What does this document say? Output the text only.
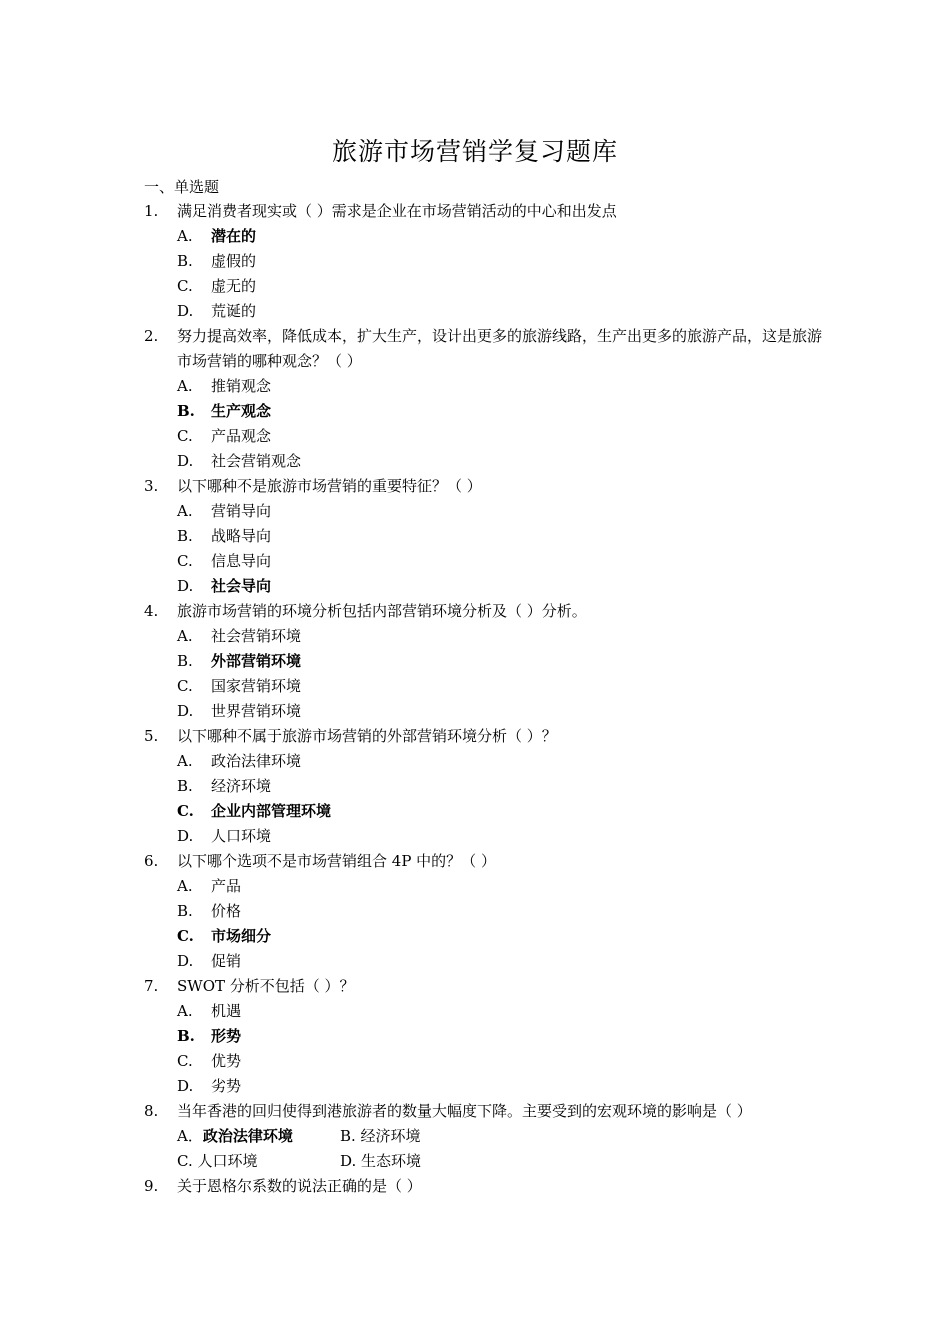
旅游市场营销学复习题库
一、单选题
1. 满足消费者现实或（ ）需求是企业在市场营销活动的中心和出发点
A. 潜在的
B. 虚假的
C. 虚无的
D. 荒诞的
2. 努力提高效率，降低成本，扩大生产，设计出更多的旅游线路，生产出更多的旅游产品，这是旅游市场营销的哪种观念？（ ）
A. 推销观念
B. 生产观念
C. 产品观念
D. 社会营销观念
3. 以下哪种不是旅游市场营销的重要特征？（ ）
A. 营销导向
B. 战略导向
C. 信息导向
D. 社会导向
4. 旅游市场营销的环境分析包括内部营销环境分析及（ ）分析。
A. 社会营销环境
B. 外部营销环境
C. 国家营销环境
D. 世界营销环境
5. 以下哪种不属于旅游市场营销的外部营销环境分析（ ）？
A. 政治法律环境
B. 经济环境
C. 企业内部管理环境
D. 人口环境
6. 以下哪个选项不是市场营销组合 4P 中的？（ ）
A. 产品
B. 价格
C. 市场细分
D. 促销
7. SWOT 分析不包括（ ）？
A. 机遇
B. 形势
C. 优势
D. 劣势
8. 当年香港的回归使得到港旅游者的数量大幅度下降。主要受到的宏观环境的影响是（ ）
A．政治法律环境	B. 经济环境
C. 人口环境	D. 生态环境
9. 关于恩格尔系数的说法正确的是（ ）
